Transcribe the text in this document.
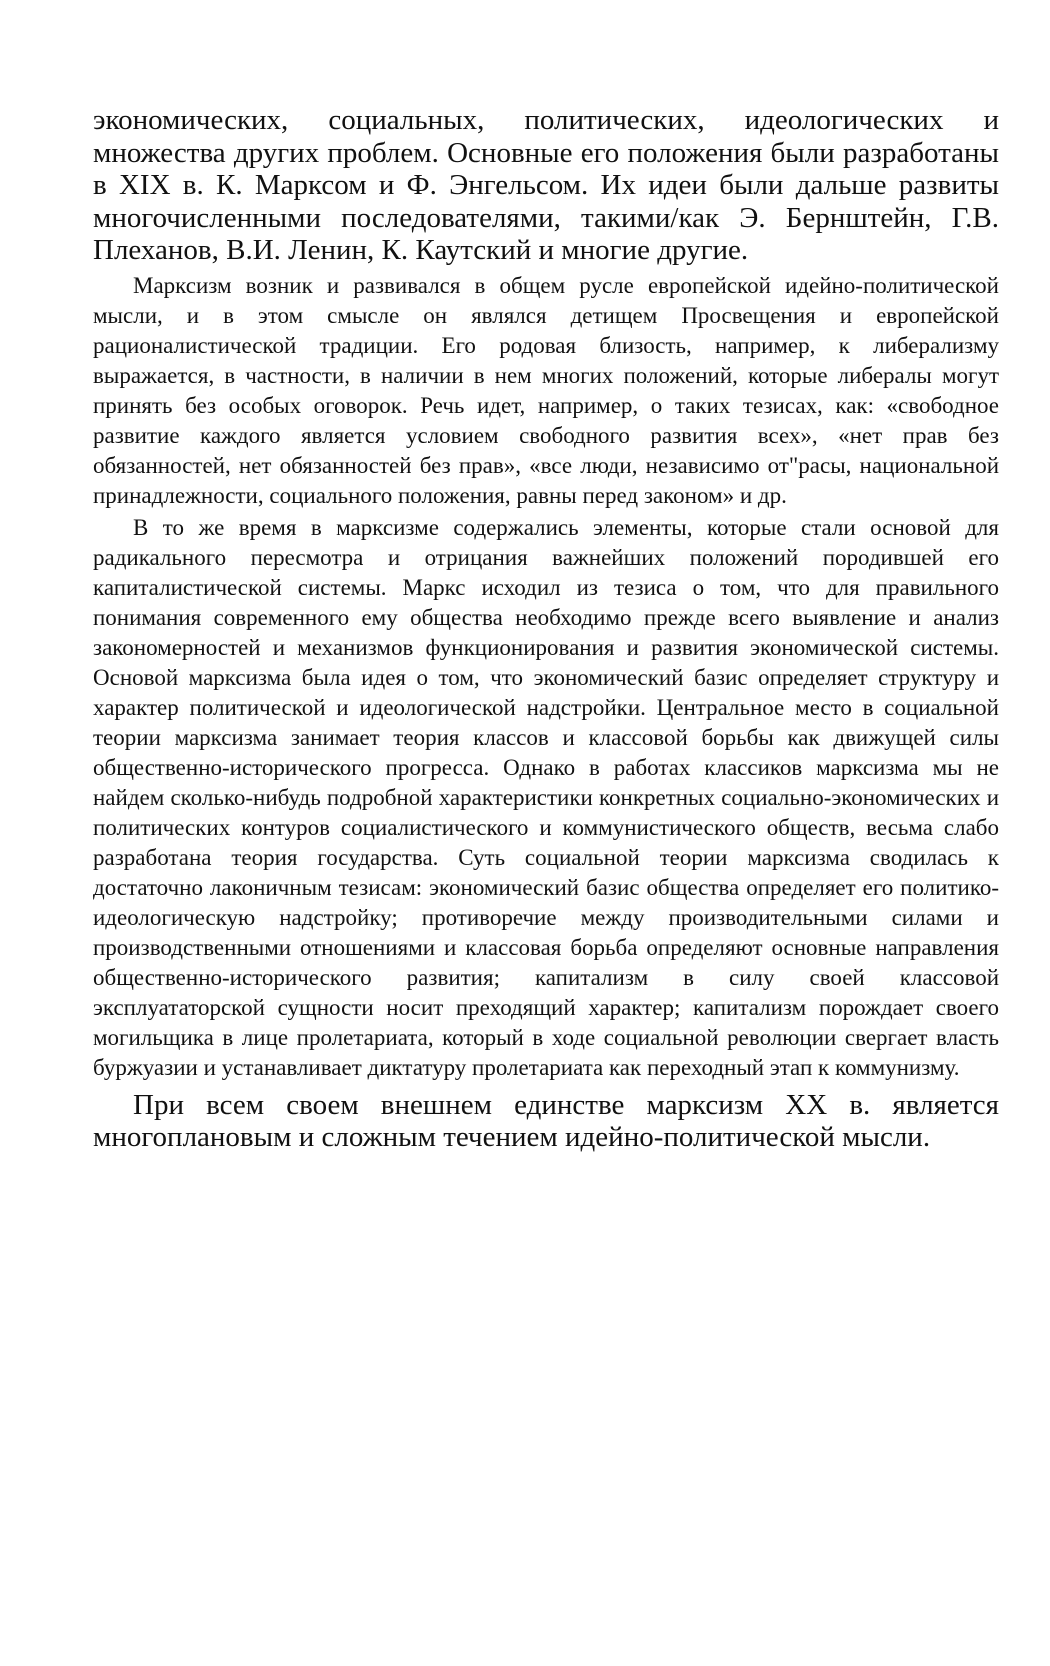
экономических, социальных, политических, идеологических и множества других проблем. Основные его положения были разработаны в XIX в. К. Марксом и Ф. Энгельсом. Их идеи были дальше развиты многочисленными последователями, такими/как Э. Бернштейн, Г.В. Плеханов, В.И. Ленин, К. Каутский и многие другие.

Марксизм возник и развивался в общем русле европейской идейно-политической мысли, и в этом смысле он являлся детищем Просвещения и европейской рационалистической традиции. Его родовая близость, например, к либерализму выражается, в частности, в наличии в нем многих положений, которые либералы могут принять без особых оговорок. Речь идет, например, о таких тезисах, как: «свободное развитие каждого является условием свободного развития всех», «нет прав без обязанностей, нет обязанностей без прав», «все люди, независимо от"расы, национальной принадлежности, социального положения, равны перед законом» и др.

В то же время в марксизме содержались элементы, которые стали основой для радикального пересмотра и отрицания важнейших положений породившей его капиталистической системы. Маркс исходил из тезиса о том, что для правильного понимания современного ему общества необходимо прежде всего выявление и анализ закономерностей и механизмов функционирования и развития экономической системы. Основой марксизма была идея о том, что экономический базис определяет структуру и характер политической и идеологической надстройки. Центральное место в социальной теории марксизма занимает теория классов и классовой борьбы как движущей силы общественно-исторического прогресса. Однако в работах классиков марксизма мы не найдем сколько-нибудь подробной характеристики конкретных социально-экономических и политических контуров социалистического и коммунистического обществ, весьма слабо разработана теория государства. Суть социальной теории марксизма сводилась к достаточно лаконичным тезисам: экономический базис общества определяет его политико-идеологическую надстройку; противоречие между производительными силами и производственными отношениями и классовая борьба определяют основные направления общественно-исторического развития; капитализм в силу своей классовой эксплуататорской сущности носит преходящий характер; капитализм порождает своего могильщика в лице пролетариата, который в ходе социальной революции свергает власть буржуазии и устанавливает диктатуру пролетариата как переходный этап к коммунизму.

При всем своем внешнем единстве марксизм XX в. является многоплановым и сложным течением идейно-политической мысли.
